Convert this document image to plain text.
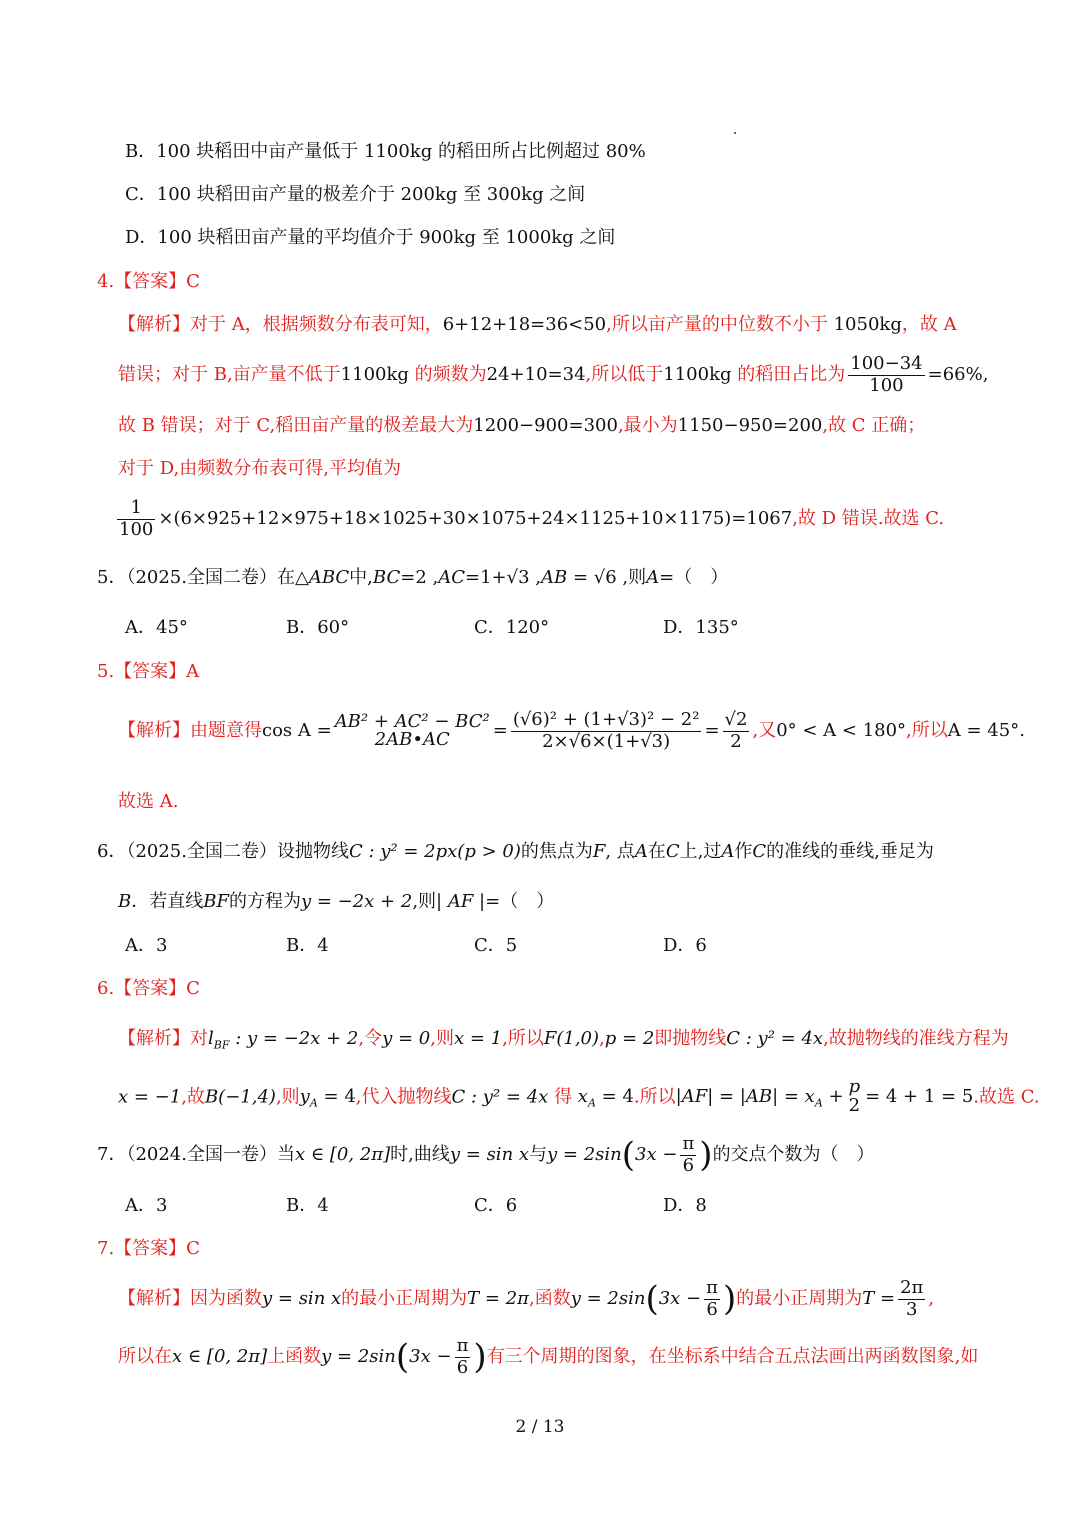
B．100 块稻田中亩产量低于 1100kg 的稻田所占比例超过 80%
C．100 块稻田亩产量的极差介于 200kg 至 300kg 之间
D．100 块稻田亩产量的平均值介于 900kg 至 1000kg 之间
4.【答案】C
【解析】对于 A，根据频数分布表可知，6+12+18=36<50,所以亩产量的中位数不小于 1050kg，故 A
错误；对于 B,亩产量不低于1100kg 的频数为24+10=34,所以低于1100kg 的稻田占比为 $\frac{100-34}{100} =66\%$,
故 B 错误；对于 C,稻田亩产量的极差最大为1200−900=300,最小为1150−950=200,故 C 正确；
对于 D,由频数分布表可得,平均值为
$\frac{1}{100} \times(6\times 925+12\times 975+18\times 1025+30\times 1075+24\times 1125+10\times 1175)=1067$,故 D 错误.故选 C.
5．（2025.全国二卷）在△ABC中,BC=2 ,AC=1+√3 ,AB = √6 ,则A=（　）
A．45°	B．60°	C．120°	D．135°
5.【答案】A
【解析】由题意得cos A = AB² + AC² − BC²
2AB•AC	= $\frac{\text{(√6)² + (1+√3)² − 2²}}{2\times√6\times(1+√3)} = \frac{√2}{2}$ ,又0° < A < 180°,所以A = 45°.
故选 A.
6．（2025.全国二卷）设抛物线C : y² = 2px(p > 0)的焦点为F, 点A在C上,过A作C的准线的垂线,垂足为
B．若直线BF的方程为y = −2x + 2,则| AF |=（　）
A．3	B．4	C．5	D．6
6.【答案】C
【解析】对$l_{BF}$ : y = −2x + 2,令y = 0,则x = 1,所以F(1,0),p = 2即抛物线C : y² = 4x,故抛物线的准线方程为
x = −1,故B(−1,4),则$y_A = 4$,代入抛物线C : y² = 4x 得 $x_A = 4$.所以$|AF| = |AB| = x_A + p$
2 = 4 + 1 = 5.故选 C.
7．（2024.全国一卷）当x ∈ [0, 2π]时,曲线y = sin x与$y = 2\sin(3x - \frac{\pi}{6}$ )的交点个数为（　）
A．3	B．4	C．6	D．8
7.【答案】C
【解析】因为函数y = sin x的最小正周期为T = 2π,函数$y = 2\sin(3x - \frac{\pi}{6}$ )的最小正周期为$T = \frac{2\pi}{3}$ ,
所以在x ∈ [0, 2π]上函数$y = 2\sin(3x - \frac{\pi}{6}$ )有三个周期的图象，在坐标系中结合五点法画出两函数图象,如
2 / 13
